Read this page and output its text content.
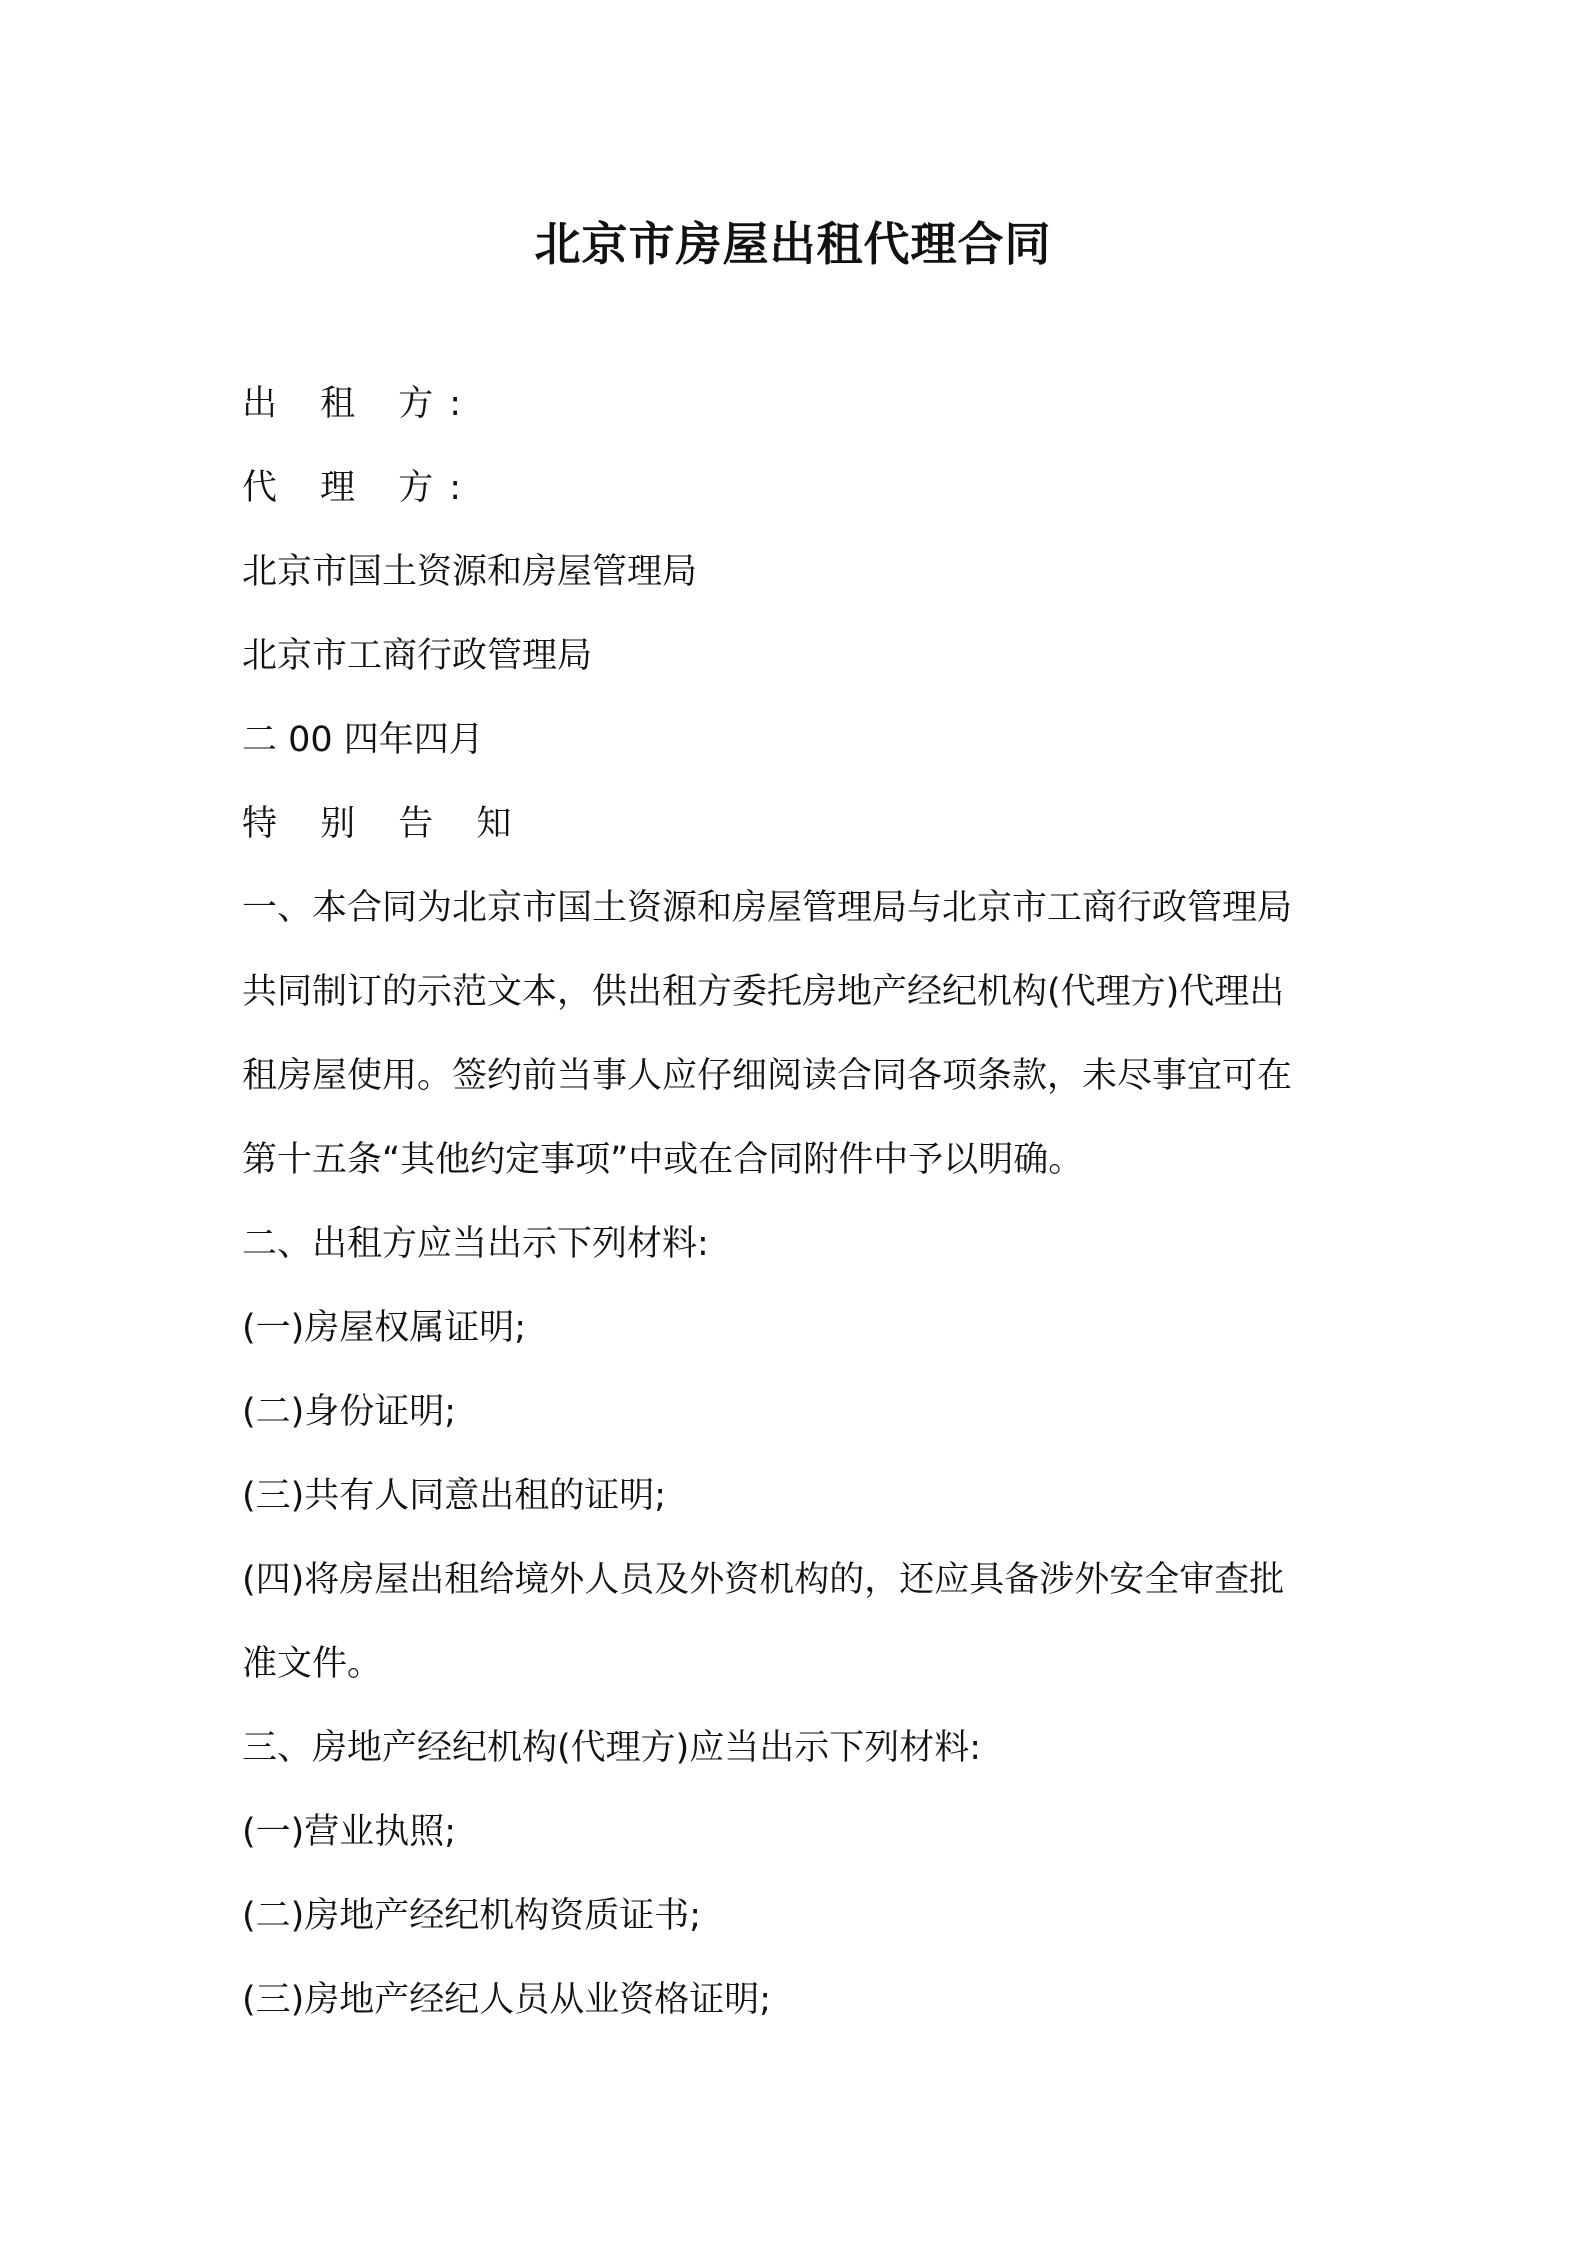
北京市房屋出租代理合同

出 租 方:

代 理 方:

北京市国土资源和房屋管理局

北京市工商行政管理局

二 00 四年四月

特 别 告 知

一、本合同为北京市国土资源和房屋管理局与北京市工商行政管理局

共同制订的示范文本，供出租方委托房地产经纪机构(代理方)代理出

租房屋使用。签约前当事人应仔细阅读合同各项条款，未尽事宜可在

第十五条“其他约定事项”中或在合同附件中予以明确。

二、出租方应当出示下列材料:

(一)房屋权属证明;

(二)身份证明;

(三)共有人同意出租的证明;

(四)将房屋出租给境外人员及外资机构的，还应具备涉外安全审查批

准文件。

三、房地产经纪机构(代理方)应当出示下列材料:

(一)营业执照;

(二)房地产经纪机构资质证书;

(三)房地产经纪人员从业资格证明;
